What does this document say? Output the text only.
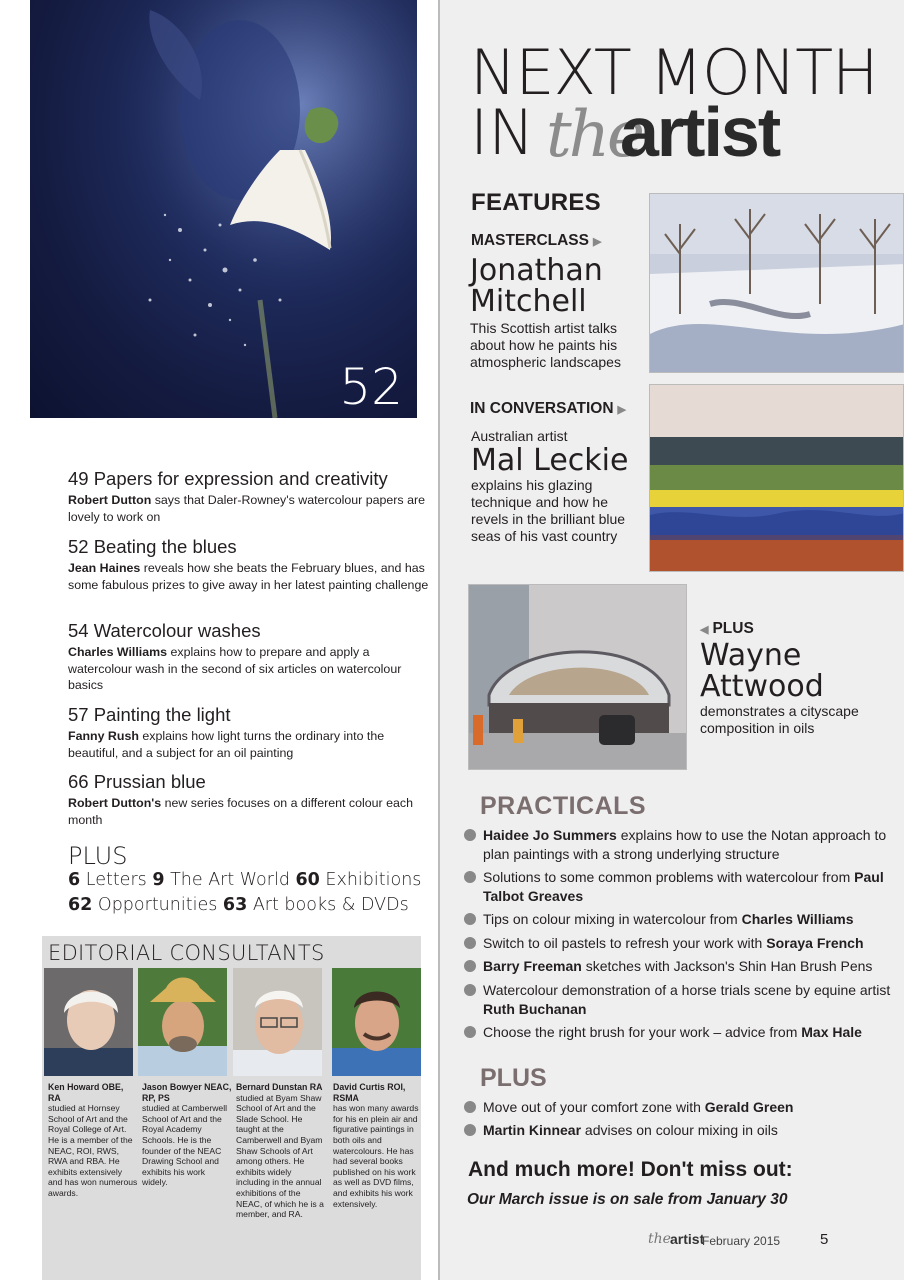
52
49 Papers for expression and creativity
Robert Dutton says that Daler-Rowney's watercolour papers are lovely to work on
52 Beating the blues
Jean Haines reveals how she beats the February blues, and has some fabulous prizes to give away in her latest painting challenge
54 Watercolour washes
Charles Williams explains how to prepare and apply a watercolour wash in the second of six articles on watercolour basics
57 Painting the light
Fanny Rush explains how light turns the ordinary into the beautiful, and a subject for an oil painting
66 Prussian blue
Robert Dutton's new series focuses on a different colour each month
PLUS
6 Letters 9 The Art World 60 Exhibitions
62 Opportunities 63 Art books & DVDs
EDITORIAL CONSULTANTS
Ken Howard OBE, RA
studied at Hornsey School of Art and the Royal College of Art. He is a member of the NEAC, ROI, RWS, RWA and RBA. He exhibits extensively and has won numerous awards.
Jason Bowyer NEAC, RP, PS
studied at Camberwell School of Art and the Royal Academy Schools. He is the founder of the NEAC Drawing School and exhibits his work widely.
Bernard Dunstan RA
studied at Byam Shaw School of Art and the Slade School. He taught at the Camberwell and Byam Shaw Schools of Art among others. He exhibits widely including in the annual exhibitions of the NEAC, of which he is a member, and RA.
David Curtis ROI, RSMA
has won many awards for his en plein air and figurative paintings in both oils and watercolours. He has had several books published on his work as well as DVD films, and exhibits his work extensively.
NEXT MONTH
IN the
artist
FEATURES
MASTERCLASS ▶
Jonathan Mitchell
This Scottish artist talks about how he paints his atmospheric landscapes
IN CONVERSATION ▶
Australian artist
Mal Leckie
explains his glazing technique and how he revels in the brilliant blue seas of his vast country
◀ PLUS
Wayne Attwood
demonstrates a cityscape composition in oils
PRACTICALS
Haidee Jo Summers explains how to use the Notan approach to plan paintings with a strong underlying structure
Solutions to some common problems with watercolour from Paul Talbot Greaves
Tips on colour mixing in watercolour from Charles Williams
Switch to oil pastels to refresh your work with Soraya French
Barry Freeman sketches with Jackson's Shin Han Brush Pens
Watercolour demonstration of a horse trials scene by equine artist Ruth Buchanan
Choose the right brush for your work – advice from Max Hale
PLUS
Move out of your comfort zone with Gerald Green
Martin Kinnear advises on colour mixing in oils
And much more! Don't miss out:
Our March issue is on sale from January 30
the artist
February 2015	5
